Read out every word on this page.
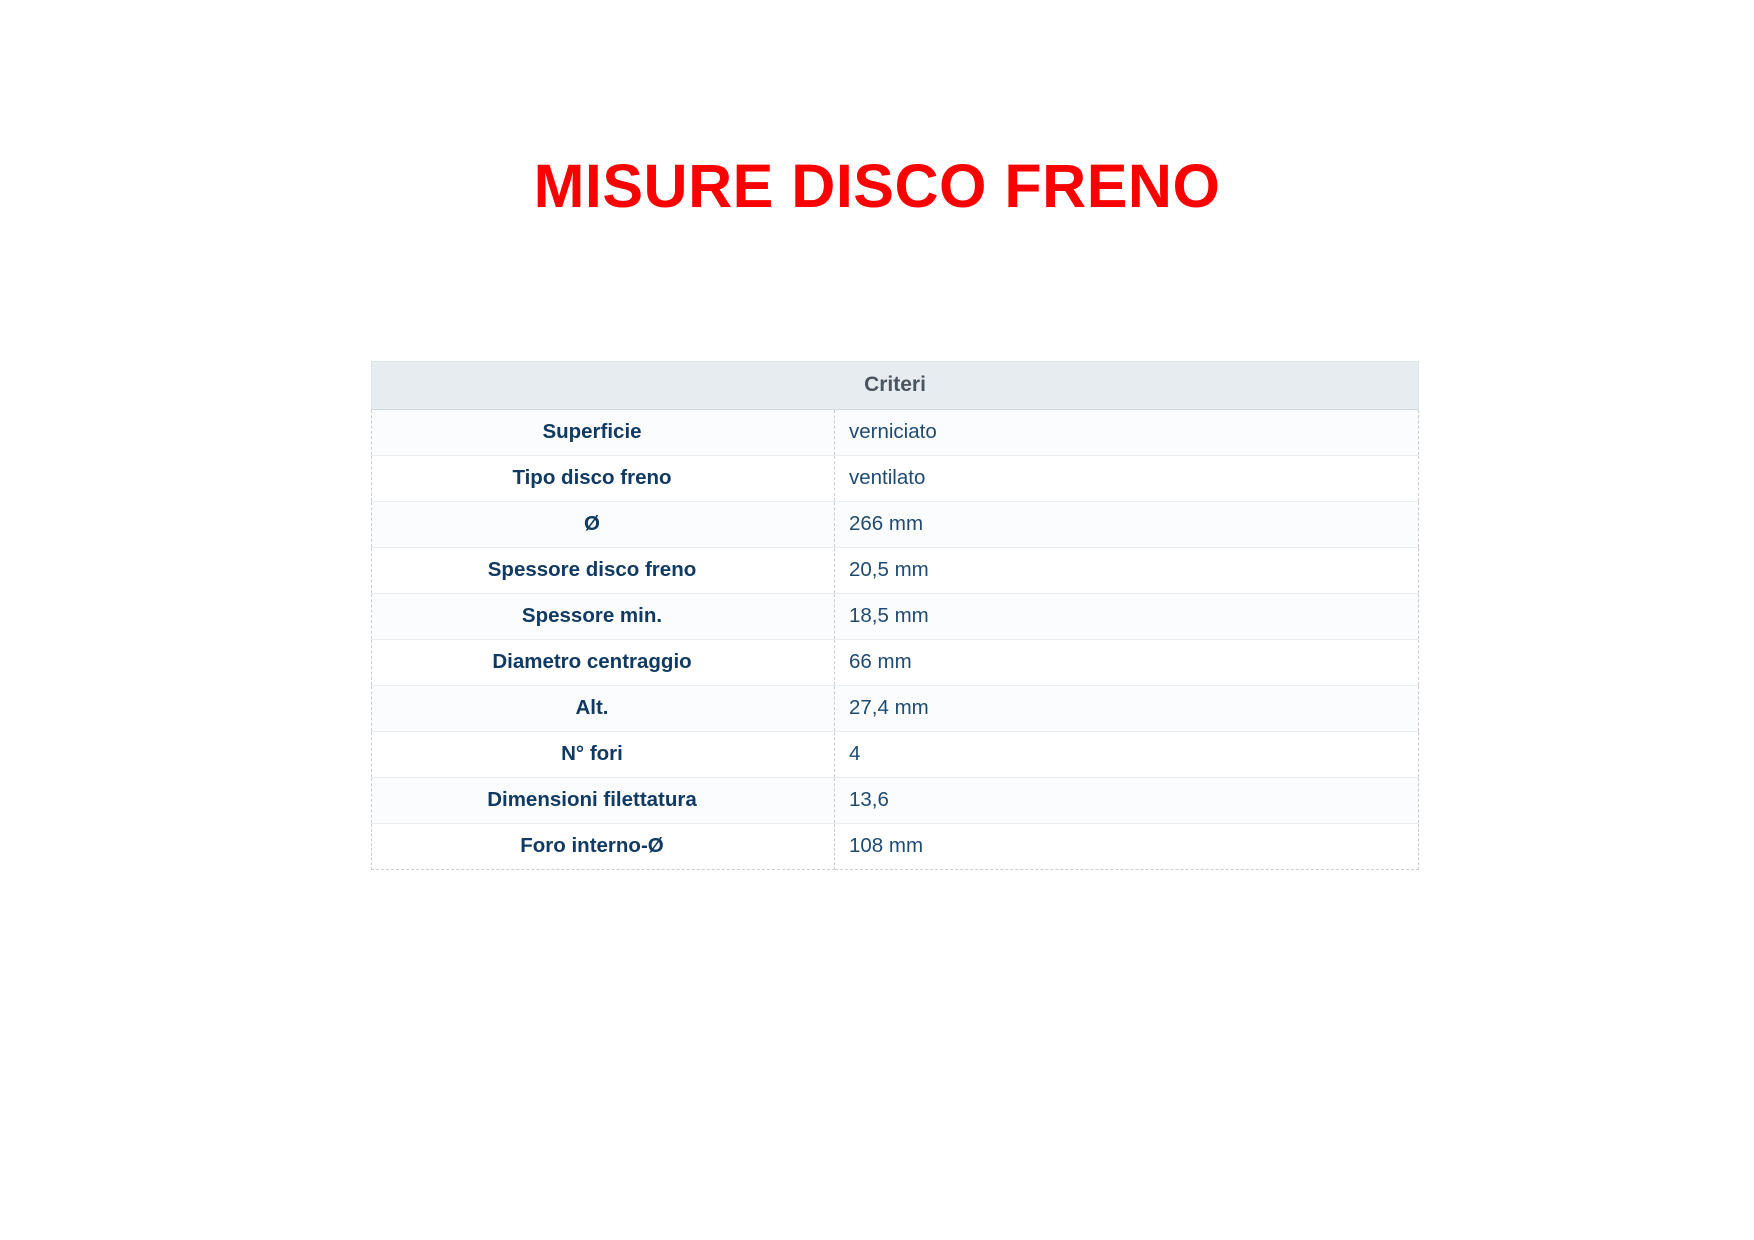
MISURE DISCO FRENO
Criteri	
Superficie	verniciato
Tipo disco freno	ventilato
Ø	266 mm
Spessore disco freno	20,5 mm
Spessore min.	18,5 mm
Diametro centraggio	66 mm
Alt.	27,4 mm
N° fori	4
Dimensioni filettatura	13,6
Foro interno-Ø	108 mm
